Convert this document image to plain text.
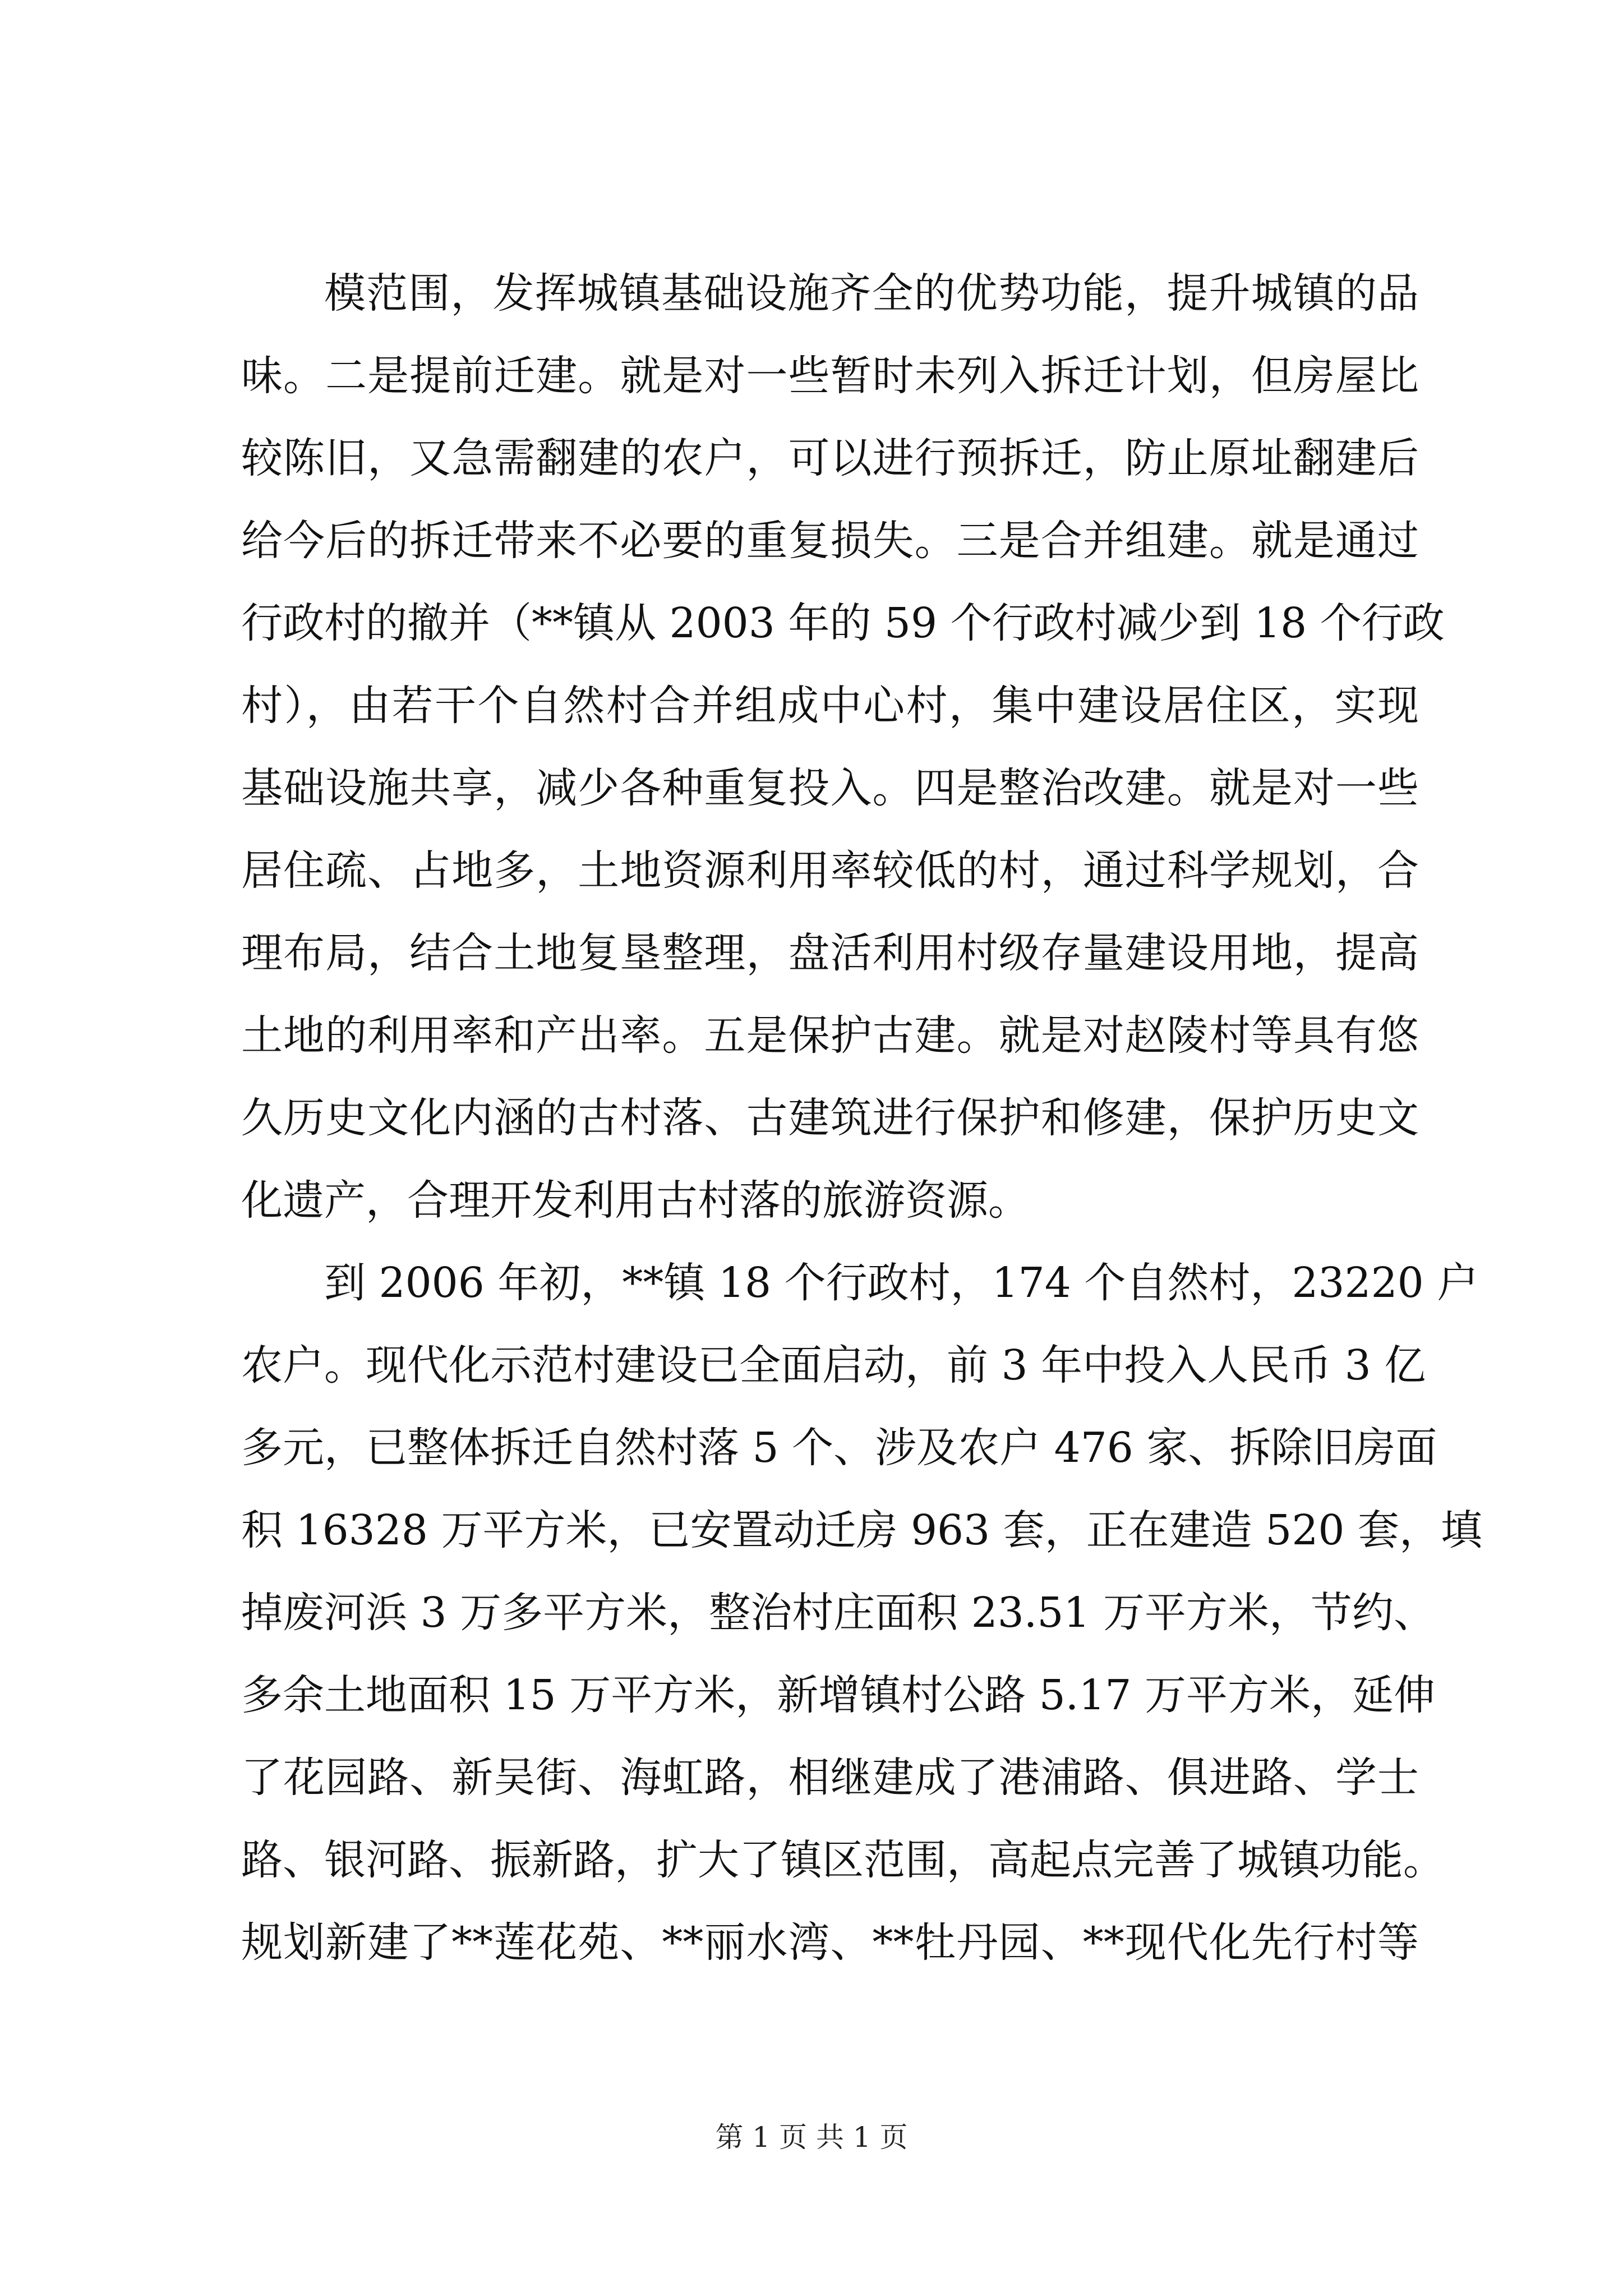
模范围，发挥城镇基础设施齐全的优势功能，提升城镇的品
味。二是提前迁建。就是对一些暂时未列入拆迁计划，但房屋比
较陈旧，又急需翻建的农户，可以进行预拆迁，防止原址翻建后
给今后的拆迁带来不必要的重复损失。三是合并组建。就是通过
行政村的撤并（**镇从 2003 年的 59 个行政村减少到 18 个行政
村），由若干个自然村合并组成中心村，集中建设居住区，实现
基础设施共享，减少各种重复投入。四是整治改建。就是对一些
居住疏、占地多，土地资源利用率较低的村，通过科学规划，合
理布局，结合土地复垦整理，盘活利用村级存量建设用地，提高
土地的利用率和产出率。五是保护古建。就是对赵陵村等具有悠
久历史文化内涵的古村落、古建筑进行保护和修建，保护历史文
化遗产，合理开发利用古村落的旅游资源。
到 2006 年初，**镇 18 个行政村，174 个自然村，23220 户
农户。现代化示范村建设已全面启动，前 3 年中投入人民币 3 亿
多元，已整体拆迁自然村落 5 个、涉及农户 476 家、拆除旧房面
积 16328 万平方米，已安置动迁房 963 套，正在建造 520 套，填
掉废河浜 3 万多平方米，整治村庄面积 23.51 万平方米，节约、
多余土地面积 15 万平方米，新增镇村公路 5.17 万平方米，延伸
了花园路、新吴街、海虹路，相继建成了港浦路、俱进路、学士
路、银河路、振新路，扩大了镇区范围，高起点完善了城镇功能。
规划新建了**莲花苑、**丽水湾、**牡丹园、**现代化先行村等
第 1 页 共 1 页
